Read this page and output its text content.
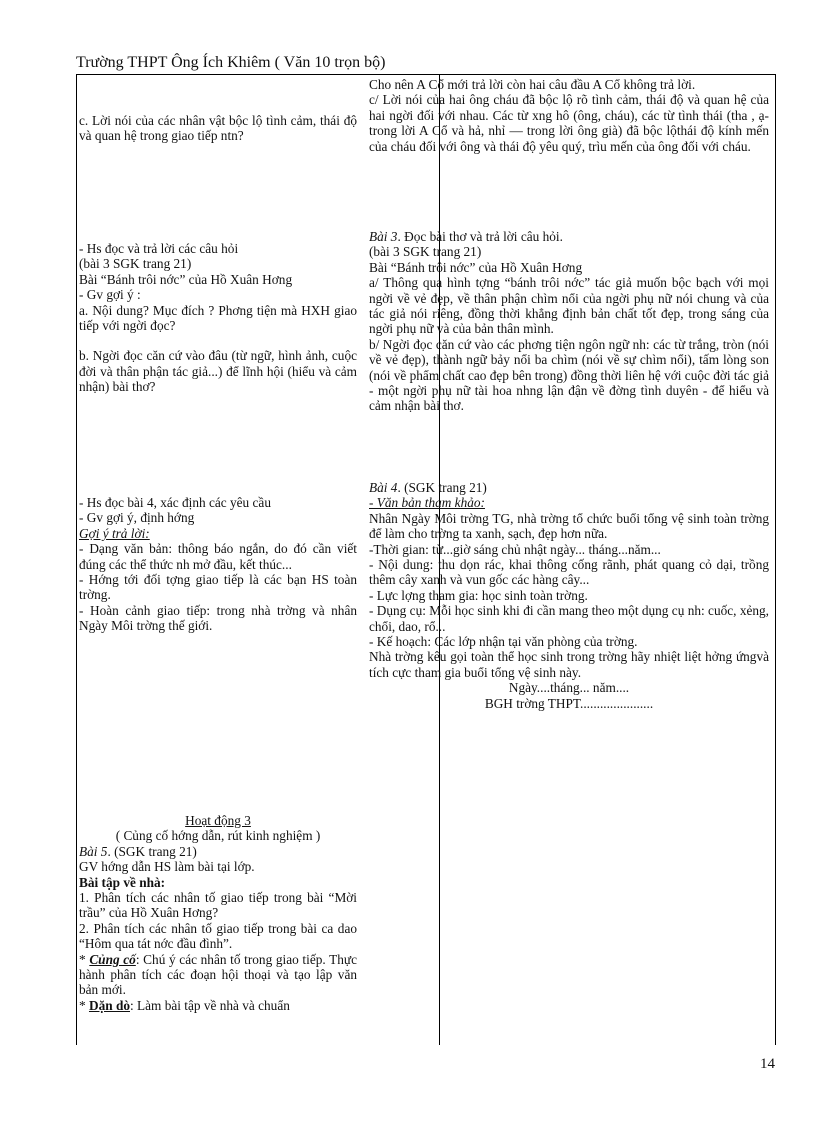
Trường THPT Ông Ích Khiêm ( Văn 10 trọn bộ)

c. Lời nói của các nhân vật bộc lộ tình cảm, thái độ và quan hệ trong giao tiếp ntn?

- Hs đọc và trả lời các câu hỏi

(bài 3 SGK trang 21)

Bài “Bánh trôi nớc” của Hồ Xuân Hơng

- Gv gợi ý :

a. Nội dung? Mục đích ? Phơng tiện mà HXH giao tiếp với ngời đọc?

b. Ngời đọc căn cứ vào đâu (từ ngữ, hình ảnh, cuộc đời và thân phận tác giả...) để lĩnh hội (hiểu và cảm nhận) bài thơ?

- Hs đọc bài 4, xác định các yêu cầu

- Gv gợi ý, định hớng

Gợi ý trả lời:

- Dạng văn bản: thông báo ngắn, do đó cần viết đúng các thể thức nh mở đầu, kết thúc...

- Hớng tới đối tợng giao tiếp là các bạn HS toàn trờng.

- Hoàn cảnh giao tiếp: trong nhà trờng và nhân Ngày Môi trờng thế giới.

Hoạt động 3

( Củng cố hớng dẫn, rút kinh nghiệm )

Bài 5. (SGK trang 21)

GV hớng dẫn HS làm bài tại lớp.

Bài tập về nhà:

1. Phân tích các nhân tố giao tiếp trong bài “Mời trầu” của Hồ Xuân Hơng?

2. Phân tích các nhân tố giao tiếp trong bài ca dao “Hôm qua tát nớc đầu đình”.

* Củng cố: Chú ý các nhân tố trong giao tiếp. Thực hành phân tích các đoạn hội thoại và tạo lập văn bản mới.

* Dặn dò: Làm bài tập về nhà và chuẩn

Cho nên A Cổ mới trả lời còn hai câu đầu A Cổ không trả lời.

c/ Lời nói của hai ông cháu đã bộc lộ rõ tình cảm, thái độ và quan hệ của hai ngời đối với nhau. Các từ xng hô (ông, cháu), các từ tình thái (tha , ạ- trong lời A Cổ và hả, nhỉ — trong lời ông già) đã bộc lộthái độ kính mến của cháu đối với ông và thái độ yêu quý, trìu mến của ông đối với cháu.

Bài 3. Đọc bài thơ và trả lời câu hỏi.

(bài 3 SGK trang 21)

Bài “Bánh trôi nớc” của Hồ Xuân Hơng

a/ Thông qua hình tợng “bánh trôi nớc” tác giả muốn bộc bạch với mọi ngời về vẻ đẹp, về thân phận chìm nổi của ngời phụ nữ nói chung và của tác giả nói riêng, đồng thời khẳng định bản chất tốt đẹp, trong sáng của ngời phụ nữ và của bản thân mình.

b/ Ngời đọc căn cứ vào các phơng tiện ngôn ngữ nh: các từ trắng, tròn (nói về vẻ đẹp), thành ngữ bảy nổi ba chìm (nói về sự chìm nổi), tấm lòng son (nói về phẩm chất cao đẹp bên trong) đồng thời liên hệ với cuộc đời tác giả - một ngời phụ nữ tài hoa nhng lận đận về đờng tình duyên - để hiểu và cảm nhận bài thơ.

Bài 4. (SGK trang 21)

- Văn bản tham khảo:

Nhân Ngày Môi trờng TG, nhà trờng tổ chức buổi tổng vệ sinh toàn trờng để làm cho trờng ta xanh, sạch, đẹp hơn nữa.

-Thời gian: từ...giờ sáng chủ nhật ngày... tháng...năm...

- Nội dung: thu dọn rác, khai thông cống rãnh, phát quang cỏ dại, trồng thêm cây xanh và vun gốc các hàng cây...

- Lực lợng tham gia: học sinh toàn trờng.

- Dụng cụ: Mỗi học sinh khi đi cần mang theo một dụng cụ nh: cuốc, xẻng, chổi, dao, rổ...

- Kế hoạch: Các lớp nhận tại văn phòng của trờng.

Nhà trờng kêu gọi toàn thể học sinh trong trờng hãy nhiệt liệt hởng ứngvà tích cực tham gia buổi tổng vệ sinh này.

Ngày....tháng... năm....

BGH trờng THPT......................

14
